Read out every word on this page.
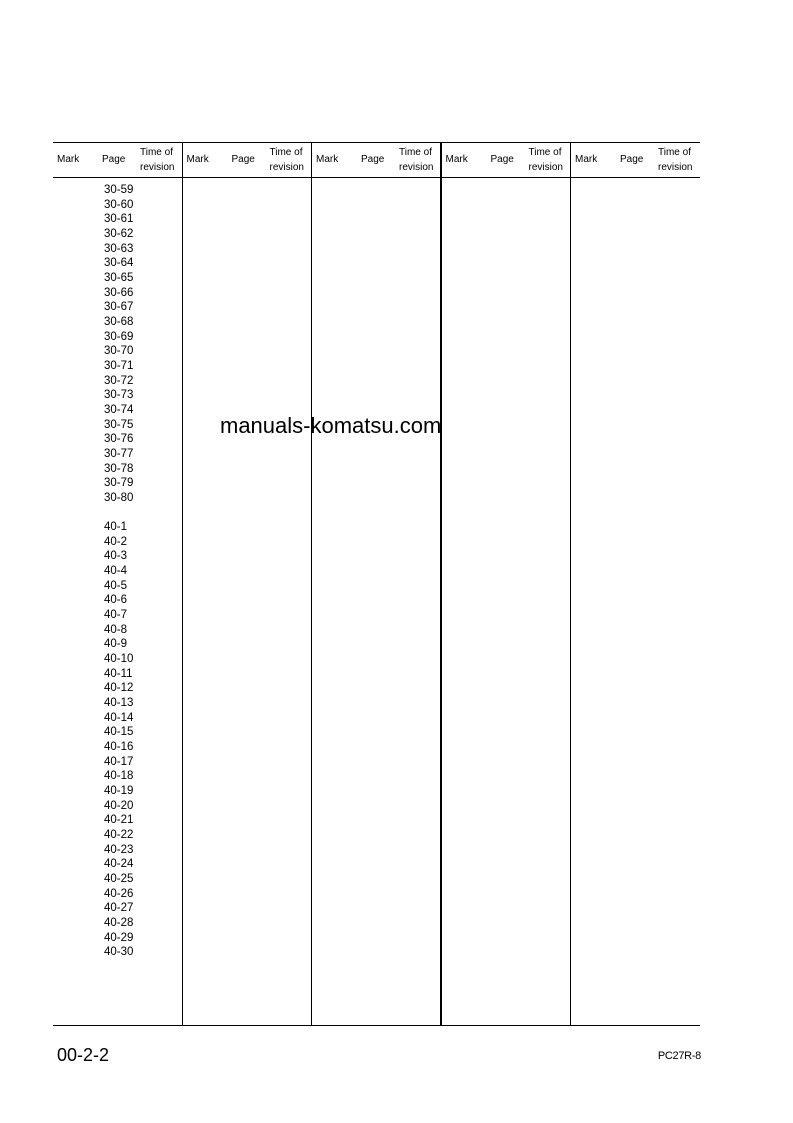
Mark Page
Time of
revision
Mark Page
Time of
revision
Mark Page
Time of
revision
Mark Page
Time of
revision
Mark Page
Time of
revision
30-59
30-60
30-61
30-62
30-63
30-64
30-65
30-66
30-67
30-68
30-69
30-70
30-71
30-72
30-73
30-74
30-75
30-76
30-77
30-78
30-79
30-80
40-1
40-2
40-3
40-4
40-5
40-6
40-7
40-8
40-9
40-10
40-11
40-12
40-13
40-14
40-15
40-16
40-17
40-18
40-19
40-20
40-21
40-22
40-23
40-24
40-25
40-26
40-27
40-28
40-29
40-30
manuals-komatsu.com
00-2-2	PC27R-8
